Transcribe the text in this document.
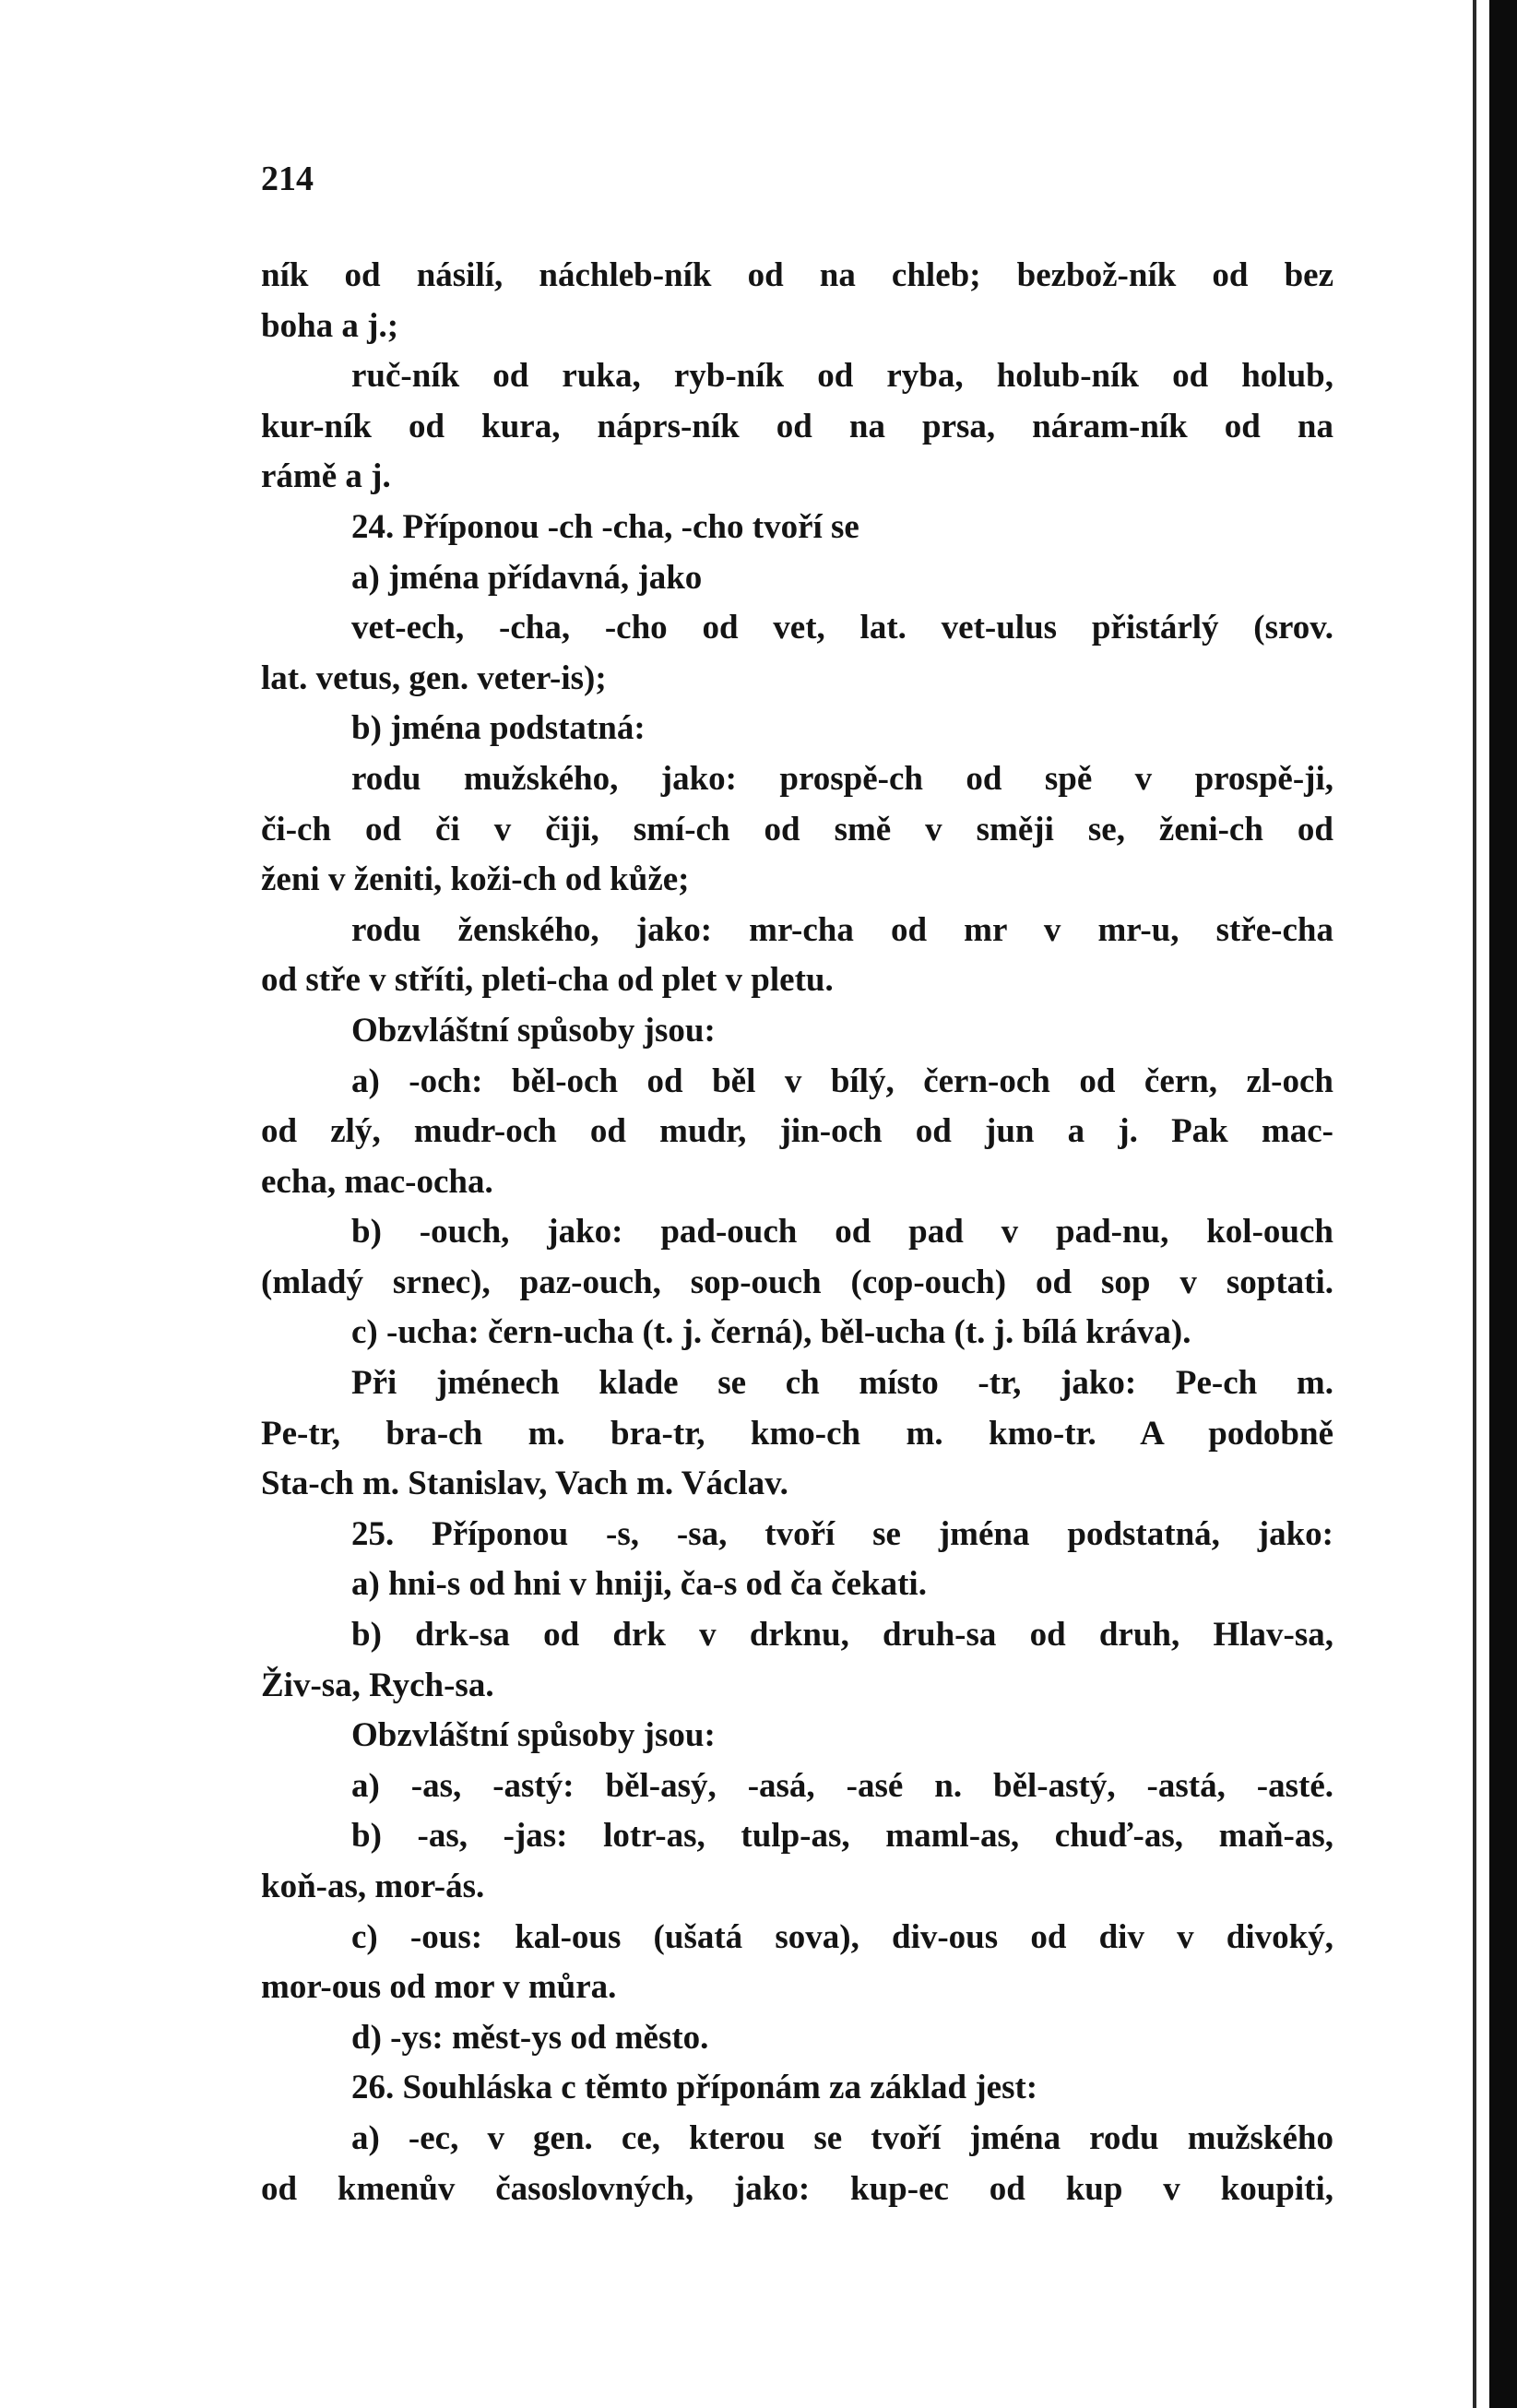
214
ník od násilí, náchleb-ník od na chleb; bezbož-ník od bez
boha a j.;
ruč-ník od ruka, ryb-ník od ryba, holub-ník od holub,
kur-ník od kura, náprs-ník od na prsa, náram-ník od na
rámě a j.
24. Příponou -ch -cha, -cho tvoří se
a) jména přídavná, jako
vet-ech, -cha, -cho od vet, lat. vet-ulus přistárlý (srov.
lat. vetus, gen. veter-is);
b) jména podstatná:
rodu mužského, jako: prospě-ch od spě v prospě-ji,
či-ch od či v čiji, smí-ch od smě v směji se, ženi-ch od
ženi v ženiti, koži-ch od kůže;
rodu ženského, jako: mr-cha od mr v mr-u, stře-cha
od stře v stříti, pleti-cha od plet v pletu.
Obzvláštní spůsoby jsou:
a) -och: běl-och od běl v bílý, čern-och od čern, zl-och
od zlý, mudr-och od mudr, jin-och od jun a j. Pak mac-
echa, mac-ocha.
b) -ouch, jako: pad-ouch od pad v pad-nu, kol-ouch
(mladý srnec), paz-ouch, sop-ouch (cop-ouch) od sop v soptati.
c) -ucha: čern-ucha (t. j. černá), běl-ucha (t. j. bílá kráva).
Při jménech klade se ch místo -tr, jako: Pe-ch m.
Pe-tr, bra-ch m. bra-tr, kmo-ch m. kmo-tr. A podobně
Sta-ch m. Stanislav, Vach m. Václav.
25. Příponou -s, -sa, tvoří se jména podstatná, jako:
a) hni-s od hni v hniji, ča-s od ča čekati.
b) drk-sa od drk v drknu, druh-sa od druh, Hlav-sa,
Živ-sa, Rych-sa.
Obzvláštní spůsoby jsou:
a) -as, -astý: běl-asý, -asá, -asé n. běl-astý, -astá, -asté.
b) -as, -jas: lotr-as, tulp-as, maml-as, chuď-as, maň-as,
koň-as, mor-ás.
c) -ous: kal-ous (ušatá sova), div-ous od div v divoký,
mor-ous od mor v můra.
d) -ys: měst-ys od město.
26. Souhláska c těmto příponám za základ jest:
a) -ec, v gen. ce, kterou se tvoří jména rodu mužského
od kmenův časoslovných, jako: kup-ec od kup v koupiti,
